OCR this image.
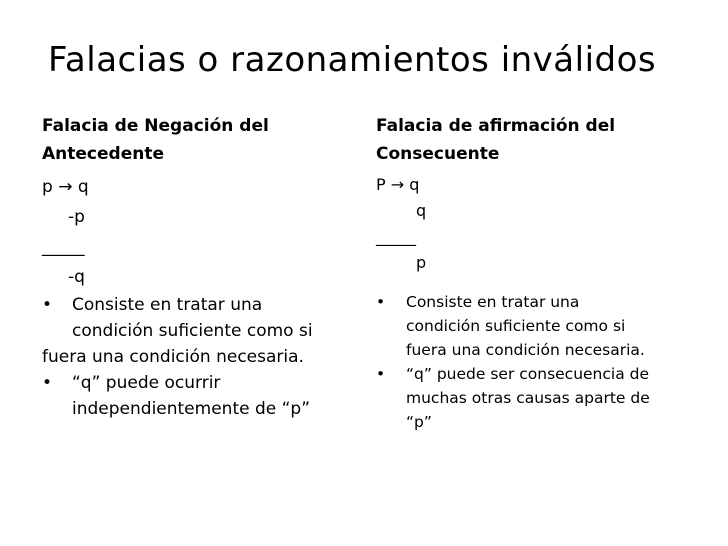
Falacias o razonamientos inválidos
Falacia de Negación del
Antecedente
p → q
-p
_____
-q
• Consiste en tratar una
condición suficiente como si
fuera una condición necesaria.
• “q” puede ocurrir
independientemente de “p”
Falacia de afirmación del
Consecuente
P → q
q
_____
p
• Consiste en tratar una
condición suficiente como si
fuera una condición necesaria.
• “q” puede ser consecuencia de
muchas otras causas aparte de
“p”
